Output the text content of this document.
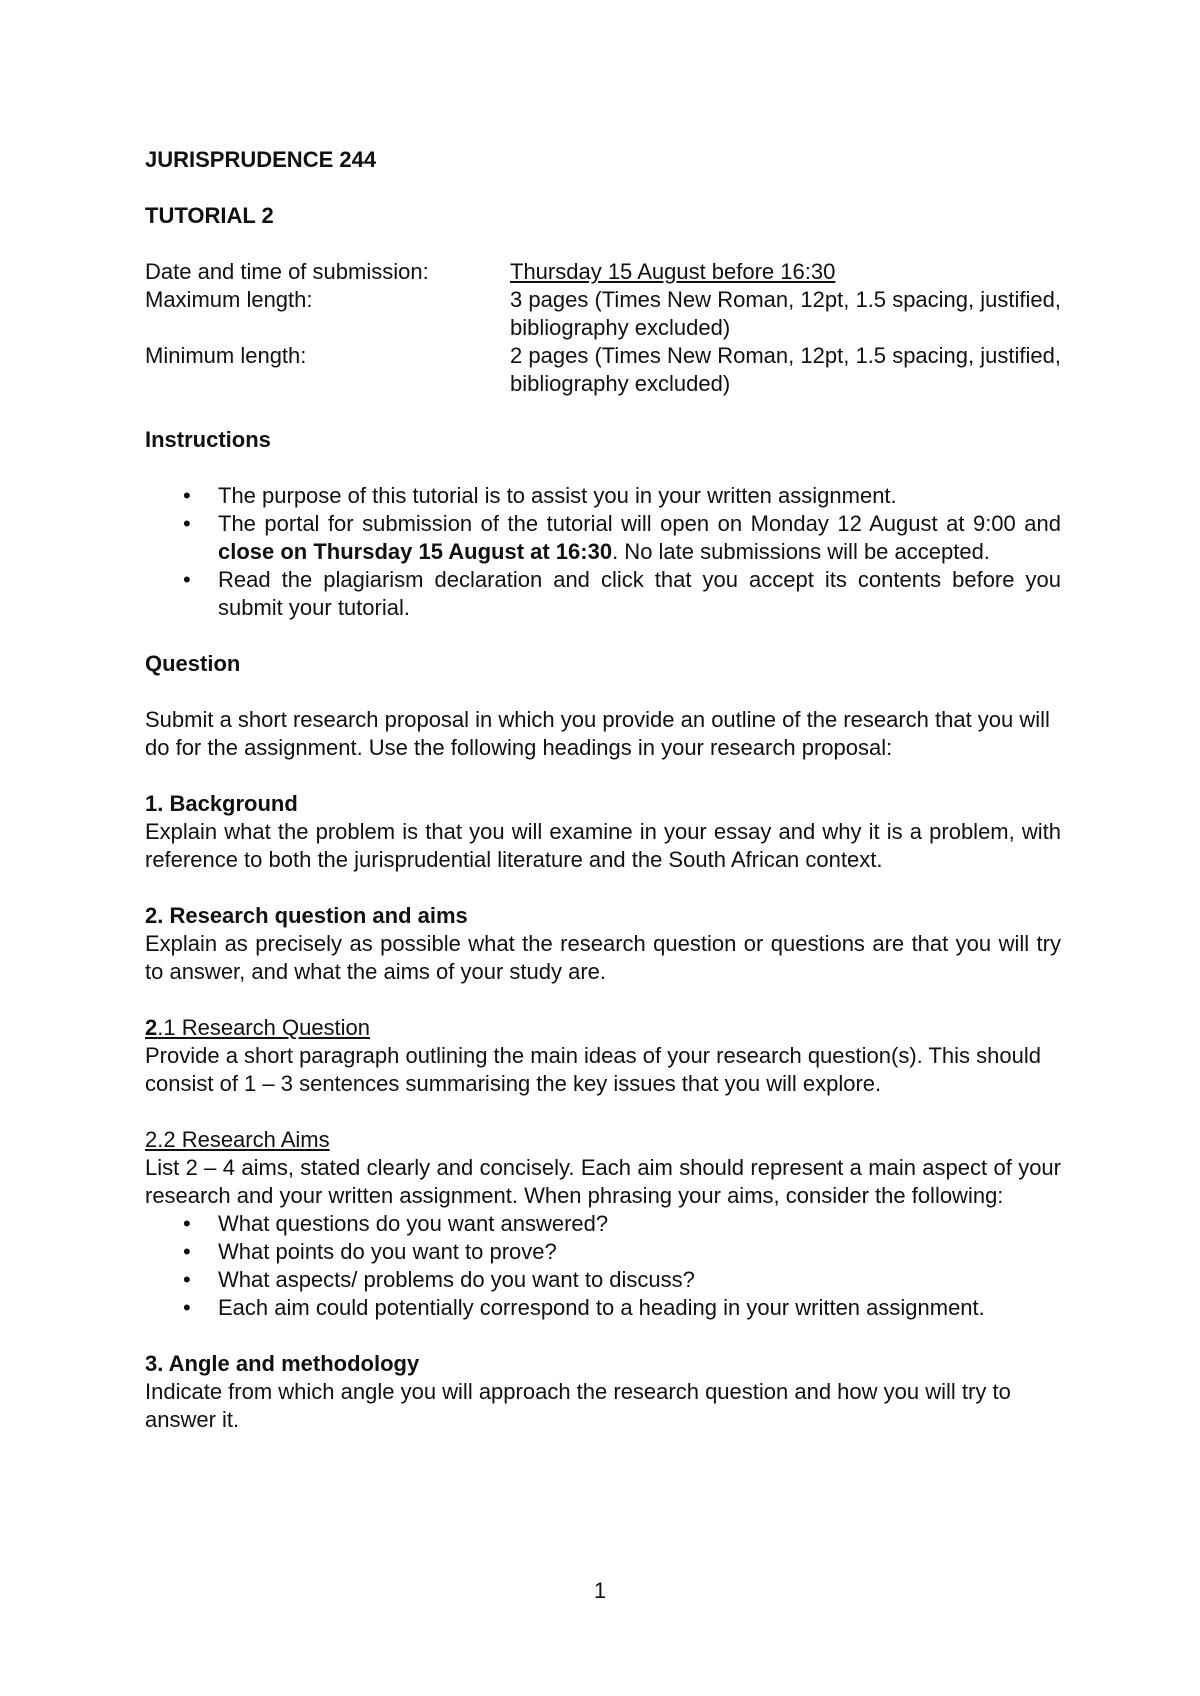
JURISPRUDENCE 244

TUTORIAL 2

Date and time of submission:	Thursday 15 August before 16:30
Maximum length:	3 pages (Times New Roman, 12pt, 1.5 spacing, justified, bibliography excluded)
Minimum length:	2 pages (Times New Roman, 12pt, 1.5 spacing, justified, bibliography excluded)

Instructions

• The purpose of this tutorial is to assist you in your written assignment.
• The portal for submission of the tutorial will open on Monday 12 August at 9:00 and close on Thursday 15 August at 16:30. No late submissions will be accepted.
• Read the plagiarism declaration and click that you accept its contents before you submit your tutorial.

Question

Submit a short research proposal in which you provide an outline of the research that you will do for the assignment. Use the following headings in your research proposal:

1. Background

Explain what the problem is that you will examine in your essay and why it is a problem, with reference to both the jurisprudential literature and the South African context.

2. Research question and aims

Explain as precisely as possible what the research question or questions are that you will try to answer, and what the aims of your study are.

2.1 Research Question

Provide a short paragraph outlining the main ideas of your research question(s). This should consist of 1 – 3 sentences summarising the key issues that you will explore.

2.2 Research Aims

List 2 – 4 aims, stated clearly and concisely. Each aim should represent a main aspect of your research and your written assignment. When phrasing your aims, consider the following:

• What questions do you want answered?
• What points do you want to prove?
• What aspects/ problems do you want to discuss?
• Each aim could potentially correspond to a heading in your written assignment.

3. Angle and methodology

Indicate from which angle you will approach the research question and how you will try to answer it.

1
